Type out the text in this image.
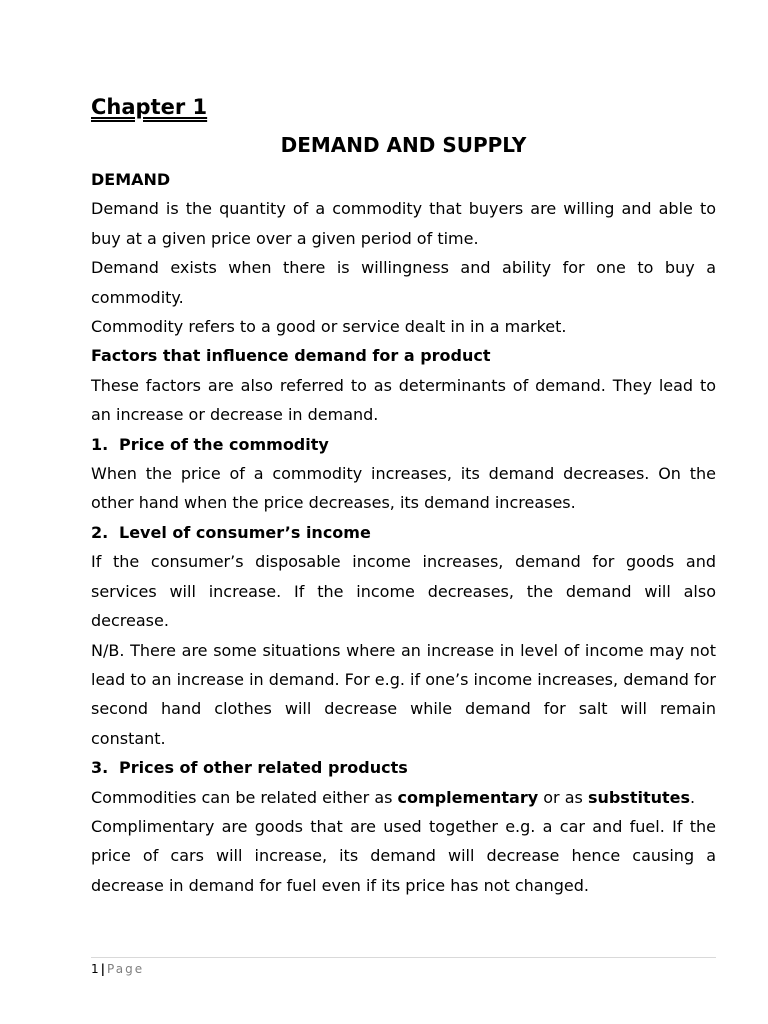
Chapter 1

DEMAND AND SUPPLY

DEMAND

Demand is the quantity of a commodity that buyers are willing and able to buy at a given price over a given period of time.

Demand exists when there is willingness and ability for one to buy a commodity.

Commodity refers to a good or service dealt in in a market.

Factors that influence demand for a product

These factors are also referred to as determinants of demand. They lead to an increase or decrease in demand.

1. Price of the commodity

When the price of a commodity increases, its demand decreases. On the other hand when the price decreases, its demand increases.

2. Level of consumer’s income

If the consumer’s disposable income increases, demand for goods and services will increase. If the income decreases, the demand will also decrease.

N/B. There are some situations where an increase in level of income may not lead to an increase in demand. For e.g. if one’s income increases, demand for second hand clothes will decrease while demand for salt will remain constant.

3. Prices of other related products

Commodities can be related either as complementary or as substitutes.

Complimentary are goods that are used together e.g. a car and fuel. If the price of cars will increase, its demand will decrease hence causing a decrease in demand for fuel even if its price has not changed.

1 | Page
